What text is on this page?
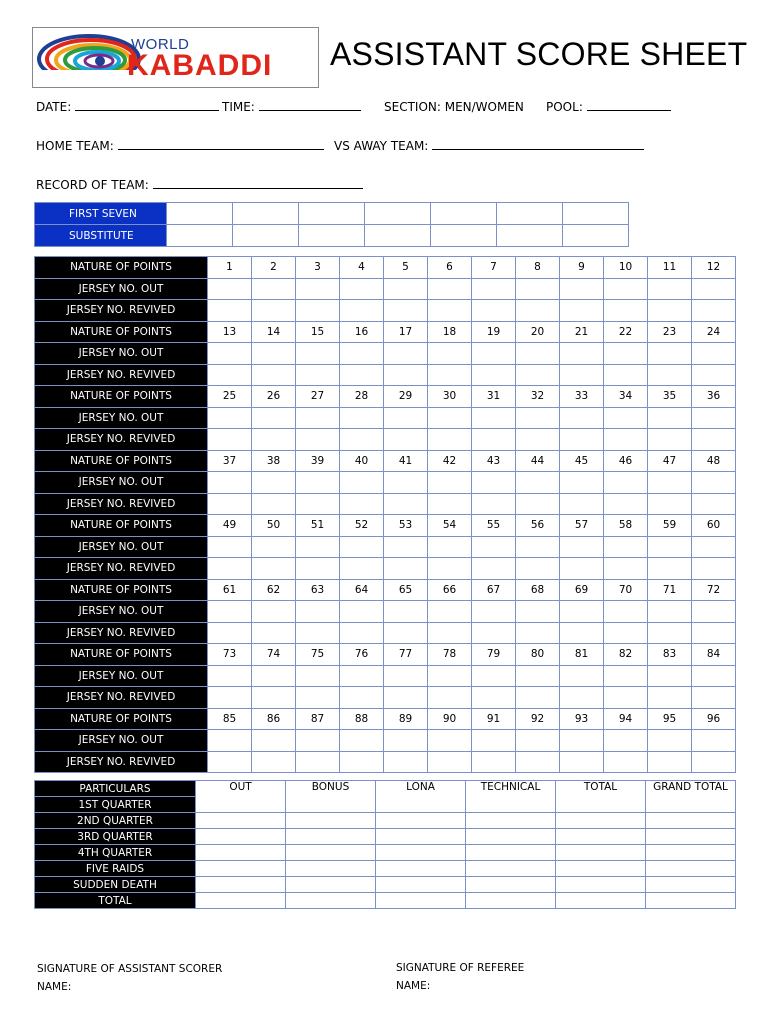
WORLD
KABADDI ASSISTANT SCORE SHEET
DATE:	TIME:	SECTION: MEN/WOMEN POOL:
HOME TEAM:	VS AWAY TEAM:
RECORD OF TEAM:
FIRST SEVEN							
SUBSTITUTE							
NATURE OF POINTS	1	2	3	4	5	6	7	8	9	10	11	12
JERSEY NO. OUT												
JERSEY NO. REVIVED												
NATURE OF POINTS	13	14	15	16	17	18	19	20	21	22	23	24
JERSEY NO. OUT												
JERSEY NO. REVIVED												
NATURE OF POINTS	25	26	27	28	29	30	31	32	33	34	35	36
JERSEY NO. OUT												
JERSEY NO. REVIVED												
NATURE OF POINTS	37	38	39	40	41	42	43	44	45	46	47	48
JERSEY NO. OUT												
JERSEY NO. REVIVED												
NATURE OF POINTS	49	50	51	52	53	54	55	56	57	58	59	60
JERSEY NO. OUT												
JERSEY NO. REVIVED												
NATURE OF POINTS	61	62	63	64	65	66	67	68	69	70	71	72
JERSEY NO. OUT												
JERSEY NO. REVIVED												
NATURE OF POINTS	73	74	75	76	77	78	79	80	81	82	83	84
JERSEY NO. OUT												
JERSEY NO. REVIVED												
NATURE OF POINTS	85	86	87	88	89	90	91	92	93	94	95	96
JERSEY NO. OUT												
JERSEY NO. REVIVED												
PARTICULARS	OUT	BONUS	LONA	TECHNICAL	TOTAL	GRAND TOTAL
1ST QUARTER						
2ND QUARTER						
3RD QUARTER						
4TH QUARTER						
FIVE RAIDS						
SUDDEN DEATH						
TOTAL						
SIGNATURE OF ASSISTANT SCORER
NAME:
SIGNATURE OF REFEREE
NAME:
